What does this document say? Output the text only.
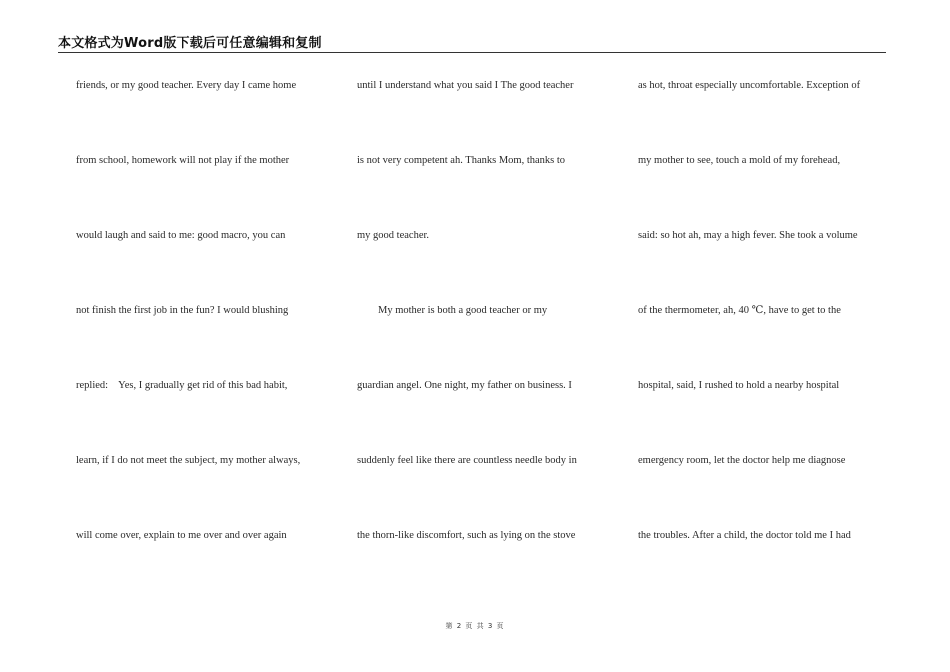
本文格式为Word版下载后可任意编辑和复制
friends, or my good teacher. Every day I came home
from school, homework will not play if the mother
would laugh and said to me: good macro, you can
not finish the first job in the fun? I would blushing
replied:    Yes, I gradually get rid of this bad habit,
learn, if I do not meet the subject, my mother always,
will come over, explain to me over and over again
until I understand what you said I The good teacher
is not very competent ah. Thanks Mom, thanks to
my good teacher.
My mother is both a good teacher or my
guardian angel. One night, my father on business. I
suddenly feel like there are countless needle body in
the thorn-like discomfort, such as lying on the stove
as hot, throat especially uncomfortable. Exception of
my mother to see, touch a mold of my forehead,
said: so hot ah, may a high fever. She took a volume
of the thermometer, ah, 40 ℃, have to get to the
hospital, said, I rushed to hold a nearby hospital
emergency room, let the doctor help me diagnose
the troubles. After a child, the doctor told me I had
第 2 页 共 3 页
